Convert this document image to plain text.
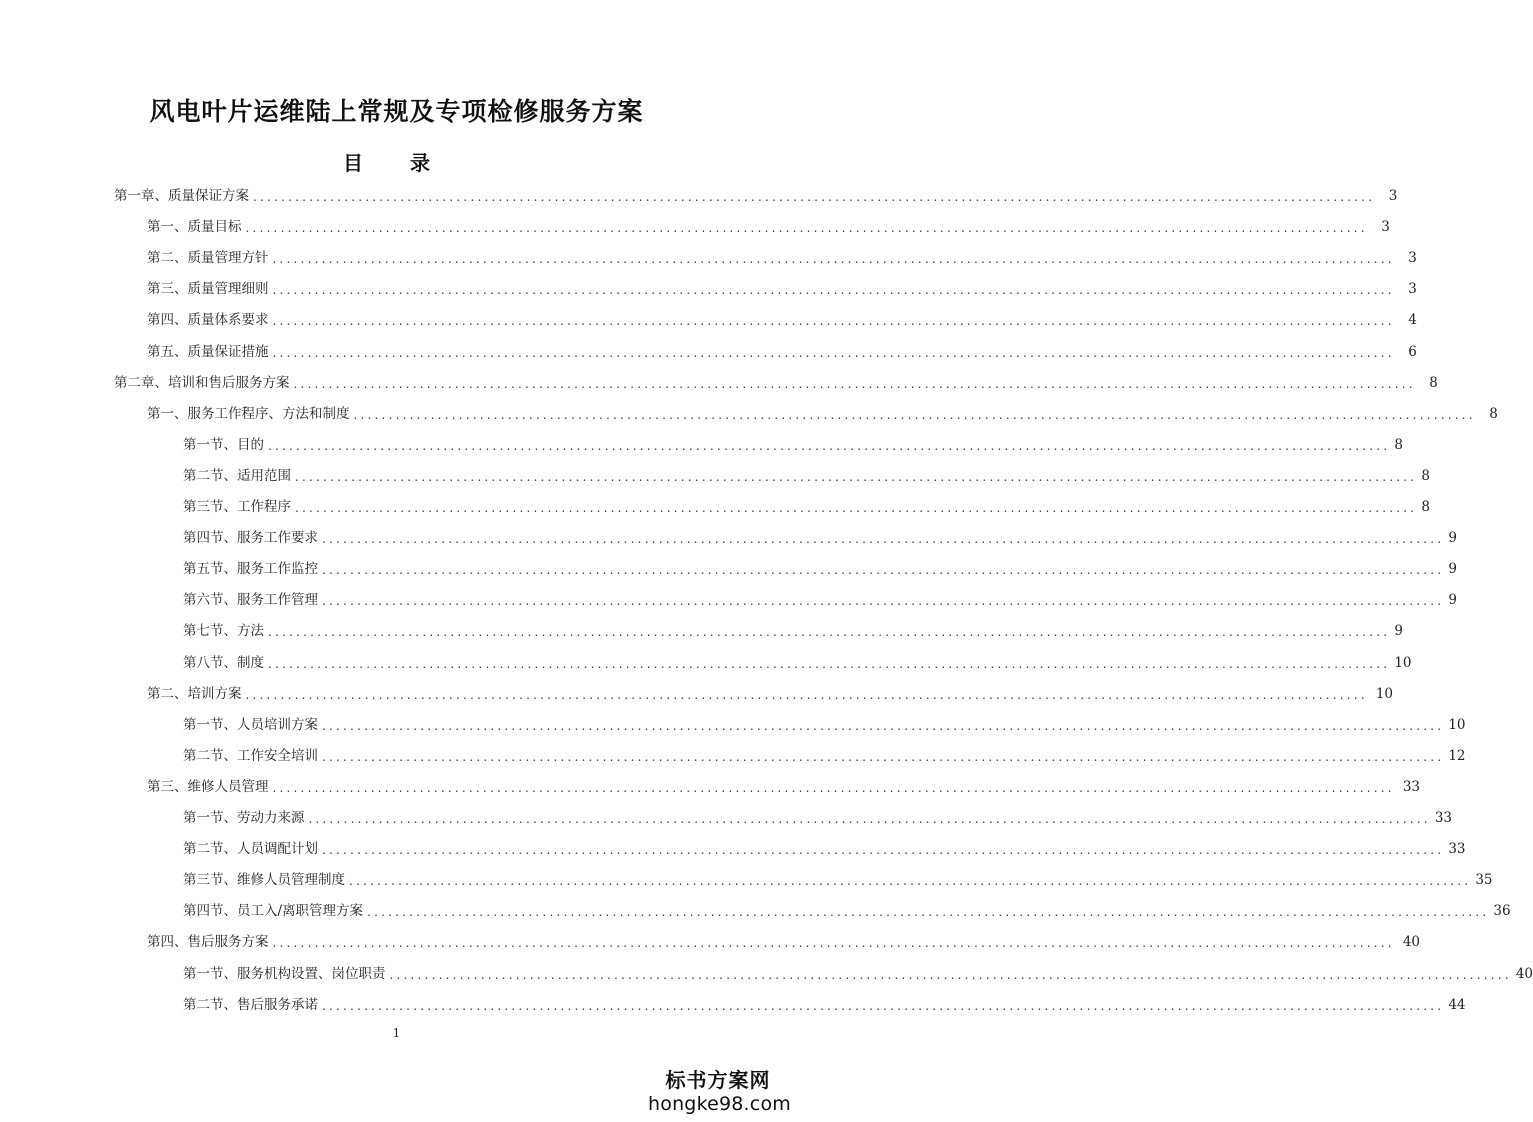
风电叶片运维陆上常规及专项检修服务方案
目 录
第一章、质量保证方案 ................................................................................................................................................................ 3
第一、质量目标 ................................................................................................................................................................ 3
第二、质量管理方针 ................................................................................................................................................................ 3
第三、质量管理细则 ................................................................................................................................................................ 3
第四、质量体系要求 ................................................................................................................................................................ 4
第五、质量保证措施 ................................................................................................................................................................ 6
第二章、培训和售后服务方案 ................................................................................................................................................................ 8
第一、服务工作程序、方法和制度 ................................................................................................................................................................ 8
第一节、目的 ................................................................................................................................................................ 8
第二节、适用范围 ................................................................................................................................................................ 8
第三节、工作程序 ................................................................................................................................................................ 8
第四节、服务工作要求 ................................................................................................................................................................ 9
第五节、服务工作监控 ................................................................................................................................................................ 9
第六节、服务工作管理 ................................................................................................................................................................ 9
第七节、方法 ................................................................................................................................................................ 9
第八节、制度 ................................................................................................................................................................ 10
第二、培训方案 ................................................................................................................................................................ 10
第一节、人员培训方案 ................................................................................................................................................................ 10
第二节、工作安全培训 ................................................................................................................................................................ 12
第三、维修人员管理 ................................................................................................................................................................ 33
第一节、劳动力来源 ................................................................................................................................................................ 33
第二节、人员调配计划 ................................................................................................................................................................ 33
第三节、维修人员管理制度 ................................................................................................................................................................ 35
第四节、员工入/离职管理方案 ................................................................................................................................................................ 36
第四、售后服务方案 ................................................................................................................................................................ 40
第一节、服务机构设置、岗位职责 ................................................................................................................................................................ 40
第二节、售后服务承诺 ................................................................................................................................................................ 44
1
标书方案网
hongke98.com
